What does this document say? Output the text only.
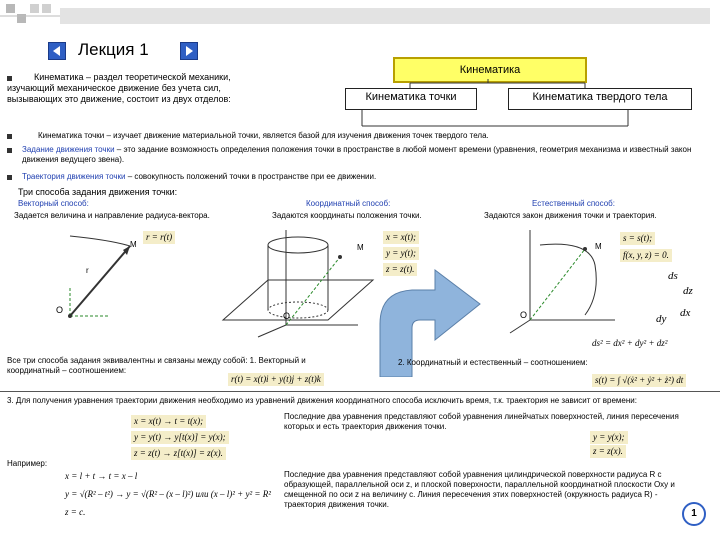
Лекция 1
Кинематика – раздел теоретической механики, изучающий механическое движение без учета сил, вызывающих это движение, состоит из двух отделов:
Кинематика
Кинематика точки	Кинематика твердого тела
Кинематика точки – изучает движение материальной точки, является базой для изучения движения точек твердого тела.
Задание движения точки – это задание возможность определения положения точки в пространстве в любой момент времени (уравнения, геометрия механизма и известный закон движения ведущего звена).
Траектория движения точки – совокупность положений точки в пространстве при ее движении.
Три способа задания движения точки:
Векторный способ:
Задается величина и направление радиуса-вектора.
Координатный способ:
Задаются координаты положения точки.
Естественный способ:
Задаются закон движения точки и траектория.
M
r
O
r = r(t)
M
O
x = x(t);
y = y(t);
z = z(t).
M
O
s = s(t);
f(x, y, z) = 0.
ds
dz
dy dx
ds² = dx² + dy² + dz²
Все три способа задания эквивалентны и связаны между собой: 1. Векторный и координатный – соотношением:
r(t) = x(t)i + y(t)j + z(t)k
2. Координатный и естественный – соотношением:
s(t) = ∫ √(ẋ² + ẏ² + ż²) dt
3. Для получения уравнения траектории движения необходимо из уравнений движения координатного способа исключить время, т.к. траектория не зависит от времени:
x = x(t) → t = t(x);
y = y(t) → y[t(x)] = y(x);
z = z(t) → z[t(x)] = z(x).
Последние два уравнения представляют собой уравнения линейчатых поверхностей, линия пересечения которых и есть траектория движения точки.
y = y(x);
z = z(x).
Например:
x = l + t → t = x – l
y = √(R² – t²) → y = √(R² – (x – l)²) или (x – l)² + y² = R²
z = c.
Последние два уравнения представляют собой уравнения цилиндрической поверхности радиуса R с образующей, параллельной оси z, и плоской поверхности, параллельной координатной плоскости Oxy и смещенной по оси z на величину с. Линия пересечения этих поверхностей (окружность радиуса R) - траектория движения точки.
1
